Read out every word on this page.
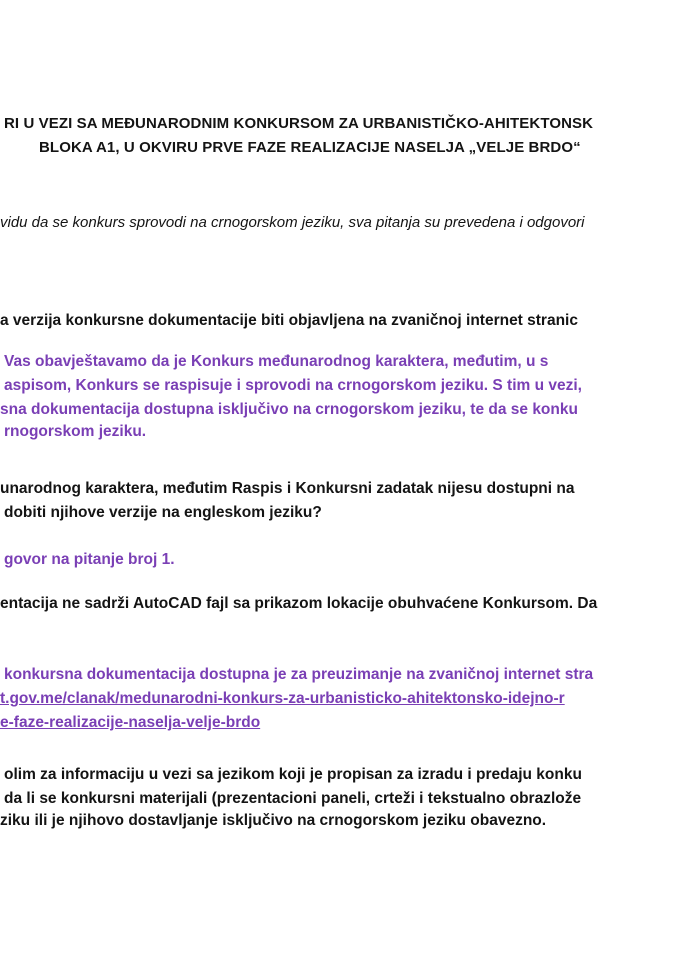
RI U VEZI SA MEĐUNARODNIM KONKURSOM ZA URBANISTIČKO-AHITEKTONSK

BLOKA A1, U OKVIRU PRVE FAZE REALIZACIJE NASELJA „VELJE BRDO“

vidu da se konkurs sprovodi na crnogorskom jeziku, sva pitanja su prevedena i odgovori

a verzija konkursne dokumentacije biti objavljena na zvaničnoj internet stranic

Vas obavještavamo da je Konkurs međunarodnog karaktera, međutim, u s

aspisom, Konkurs se raspisuje i sprovodi na crnogorskom jeziku. S tim u vezi,

sna dokumentacija dostupna isključivo na crnogorskom jeziku, te da se konku

rnogorskom jeziku.

unarodnog karaktera, međutim Raspis i Konkursni zadatak nijesu dostupni na

dobiti njihove verzije na engleskom jeziku?

govor na pitanje broj 1.

entacija ne sadrži AutoCAD fajl sa prikazom lokacije obuhvaćene Konkursom. Da

konkursna dokumentacija dostupna je za preuzimanje na zvaničnoj internet stra

t.gov.me/clanak/medunarodni-konkurs-za-urbanisticko-ahitektonsko-idejno-r
e-faze-realizacije-naselja-velje-brdo

olim za informaciju u vezi sa jezikom koji je propisan za izradu i predaju konku

da li se konkursni materijali (prezentacioni paneli, crteži i tekstualno obrazlože

ziku ili je njihovo dostavljanje isključivo na crnogorskom jeziku obavezno.
